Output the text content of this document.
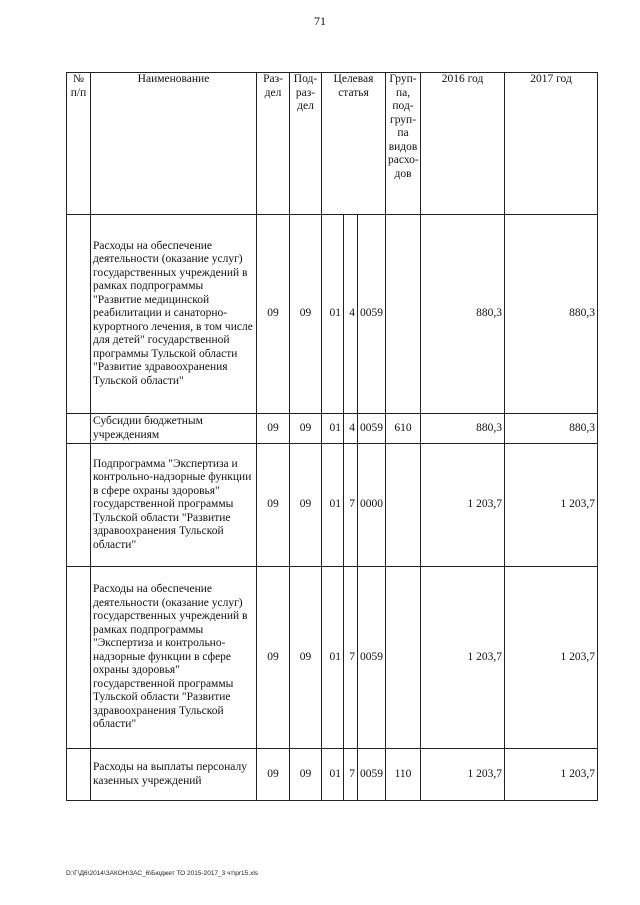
71
№ п/п	Наименование	Раз- дел	Под- раз- дел	Целевая статья			Груп- па, под- груп- па видов расхо- дов	2016 год	2017 год
	Расходы на обеспечение деятельности (оказание услуг) государственных учреждений в рамках подпрограммы "Развитие медицинской реабилитации и санаторно-курортного лечения, в том числе для детей" государственной программы Тульской области "Развитие здравоохранения Тульской области"	09	09	01	4	0059		880,3	880,3
	Субсидии бюджетным учреждениям	09	09	01	4	0059	610	880,3	880,3
	Подпрограмма "Экспертиза и контрольно-надзорные функции в сфере охраны здоровья" государственной программы Тульской области "Развитие здравоохранения Тульской области"	09	09	01	7	0000		1 203,7	1 203,7
	Расходы на обеспечение деятельности (оказание услуг) государственных учреждений в рамках подпрограммы "Экспертиза и контрольно-надзорные функции в сфере охраны здоровья" государственной программы Тульской области "Развитие здравоохранения Тульской области"	09	09	01	7	0059		1 203,7	1 203,7
	Расходы на выплаты персоналу казенных учреждений	09	09	01	7	0059	110	1 203,7	1 203,7
D:\Г\Д6\2014\ЗАКОН\ЗАС_6\Бюджет ТО 2015-2017_3 чт\pr15.xls
